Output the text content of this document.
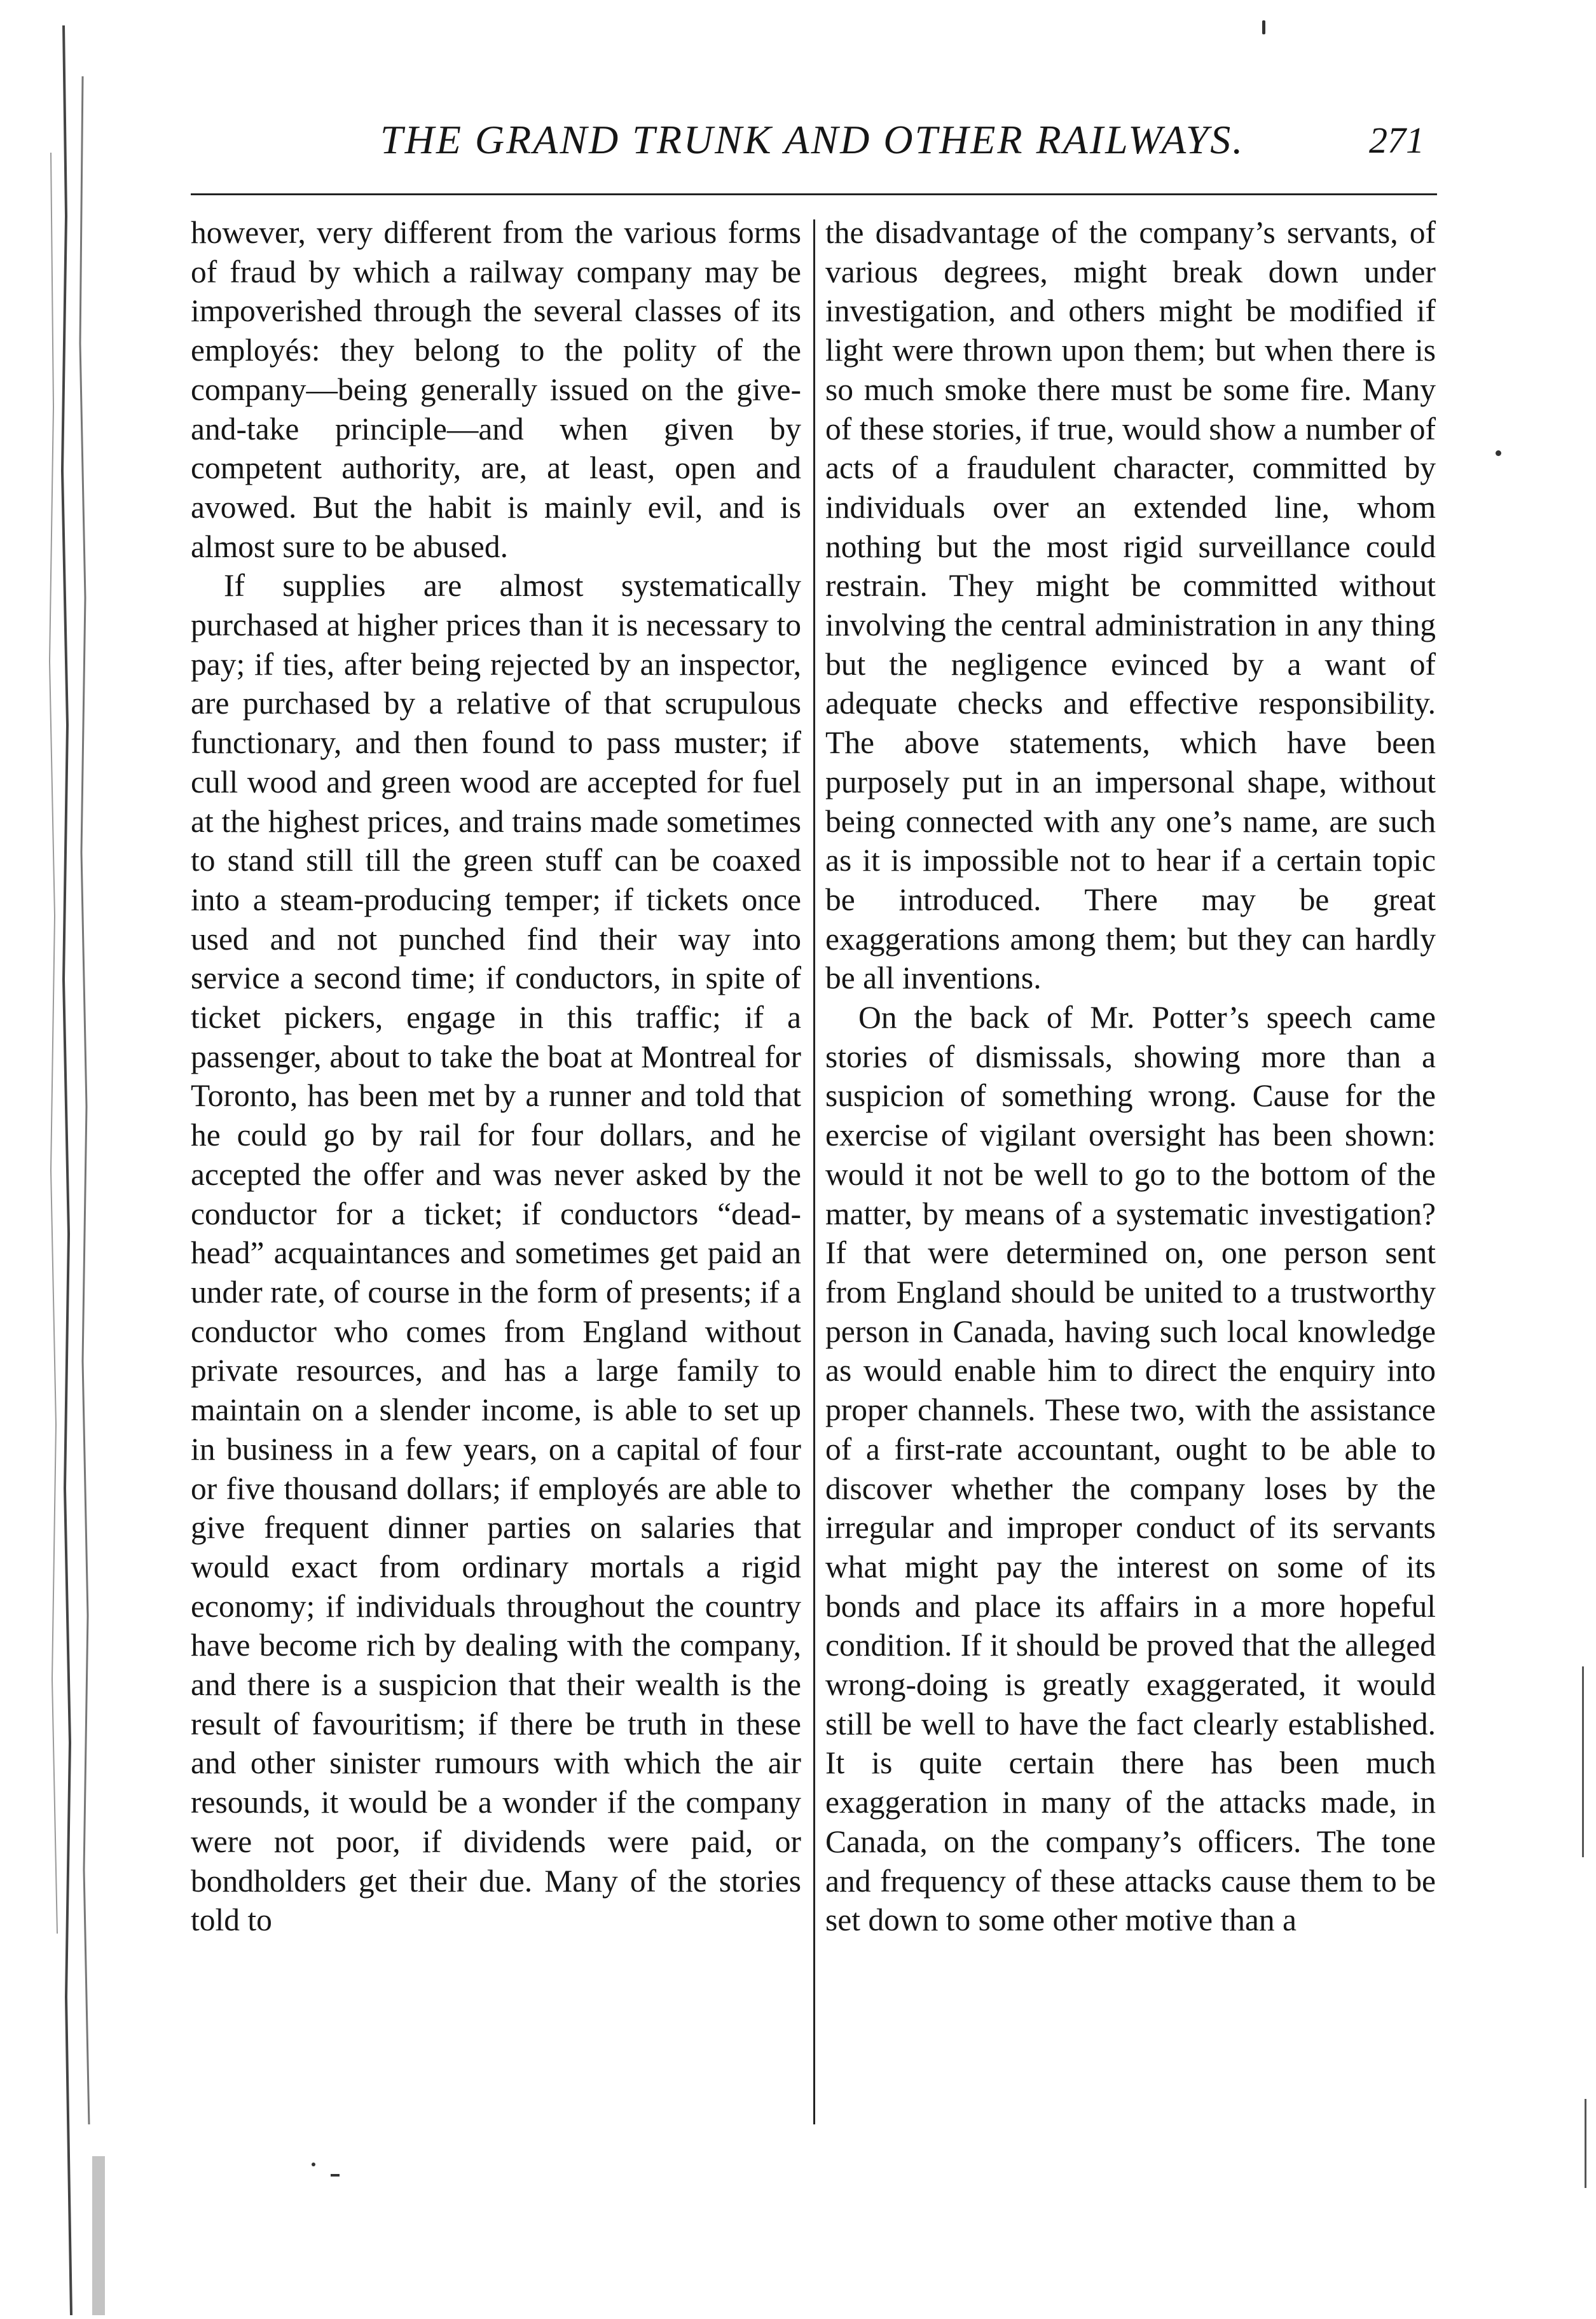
THE GRAND TRUNK AND OTHER RAILWAYS.	271

however, very different from the various forms of fraud by which a railway company may be impoverished through the several classes of its employés: they belong to the polity of the company—being generally issued on the give-and-take principle—and when given by competent authority, are, at least, open and avowed. But the habit is mainly evil, and is almost sure to be abused.

If supplies are almost systematically purchased at higher prices than it is necessary to pay; if ties, after being rejected by an inspector, are purchased by a relative of that scrupulous functionary, and then found to pass muster; if cull wood and green wood are accepted for fuel at the highest prices, and trains made sometimes to stand still till the green stuff can be coaxed into a steam-producing temper; if tickets once used and not punched find their way into service a second time; if conductors, in spite of ticket pickers, engage in this traffic; if a passenger, about to take the boat at Montreal for Toronto, has been met by a runner and told that he could go by rail for four dollars, and he accepted the offer and was never asked by the conductor for a ticket; if conductors “dead-head” acquaintances and sometimes get paid an under rate, of course in the form of presents; if a conductor who comes from England without private resources, and has a large family to maintain on a slender income, is able to set up in business in a few years, on a capital of four or five thousand dollars; if employés are able to give frequent dinner parties on salaries that would exact from ordinary mortals a rigid economy; if individuals throughout the country have become rich by dealing with the company, and there is a suspicion that their wealth is the result of favouritism; if there be truth in these and other sinister rumours with which the air resounds, it would be a wonder if the company were not poor, if dividends were paid, or bondholders get their due. Many of the stories told to

the disadvantage of the company’s servants, of various degrees, might break down under investigation, and others might be modified if light were thrown upon them; but when there is so much smoke there must be some fire. Many of these stories, if true, would show a number of acts of a fraudulent character, committed by individuals over an extended line, whom nothing but the most rigid surveillance could restrain. They might be committed without involving the central administration in any thing but the negligence evinced by a want of adequate checks and effective responsibility. The above statements, which have been purposely put in an impersonal shape, without being connected with any one’s name, are such as it is impossible not to hear if a certain topic be introduced. There may be great exaggerations among them; but they can hardly be all inventions.

On the back of Mr. Potter’s speech came stories of dismissals, showing more than a suspicion of something wrong. Cause for the exercise of vigilant oversight has been shown: would it not be well to go to the bottom of the matter, by means of a systematic investigation? If that were determined on, one person sent from England should be united to a trustworthy person in Canada, having such local knowledge as would enable him to direct the enquiry into proper channels. These two, with the assistance of a first-rate accountant, ought to be able to discover whether the company loses by the irregular and improper conduct of its servants what might pay the interest on some of its bonds and place its affairs in a more hopeful condition. If it should be proved that the alleged wrong-doing is greatly exaggerated, it would still be well to have the fact clearly established. It is quite certain there has been much exaggeration in many of the attacks made, in Canada, on the company’s officers. The tone and frequency of these attacks cause them to be set down to some other motive than a
